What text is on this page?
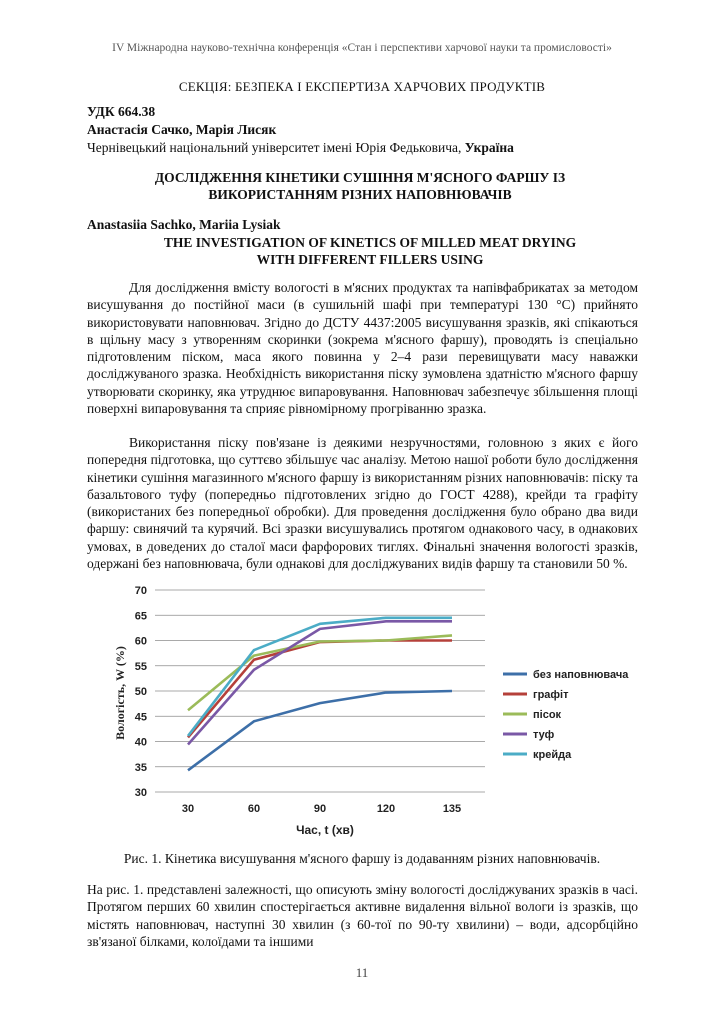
IV Міжнародна науково-технічна конференція «Стан і перспективи харчової науки та промисловості»
СЕКЦІЯ: БЕЗПЕКА І ЕКСПЕРТИЗА ХАРЧОВИХ ПРОДУКТІВ
УДК 664.38
Анастасія Сачко, Марія Лисяк
Чернівецький національний університет імені Юрія Федьковича, Україна
ДОСЛІДЖЕННЯ КІНЕТИКИ СУШІННЯ М'ЯСНОГО ФАРШУ ІЗ ВИКОРИСТАННЯМ РІЗНИХ НАПОВНЮВАЧІВ
Anastasiia Sachko, Mariia Lysiak
THE INVESTIGATION OF KINETICS OF MILLED MEAT DRYING
WITH DIFFERENT FILLERS USING
Для дослідження вмісту вологості в м'ясних продуктах та напівфабрикатах за методом висушування до постійної маси (в сушильній шафі при температурі 130 °С) прийнято використовувати наповнювач. Згідно до ДСТУ 4437:2005 висушування зразків, які спікаються в щільну масу з утворенням скоринки (зокрема м'ясного фаршу), проводять із спеціально підготовленим піском, маса якого повинна у 2–4 рази перевищувати масу наважки досліджуваного зразка. Необхідність використання піску зумовлена здатністю м'ясного фаршу утворювати скоринку, яка утруднює випаровування. Наповнювач забезпечує збільшення площі поверхні випаровування та сприяє рівномірному прогріванню зразка.
Використання піску пов'язане із деякими незручностями, головною з яких є його попередня підготовка, що суттєво збільшує час аналізу. Метою нашої роботи було дослідження кінетики сушіння магазинного м'ясного фаршу із використанням різних наповнювачів: піску та базальтового туфу (попередньо підготовлених згідно до ГОСТ 4288), крейди та графіту (використаних без попередньої обробки). Для проведення дослідження було обрано два види фаршу: свинячий та курячий. Всі зразки висушувались протягом однакового часу, в однакових умовах, в доведених до сталої маси фарфорових тиглях. Фінальні значення вологості зразків, одержані без наповнювача, були однакові для досліджуваних видів фаршу та становили 50 %.
30
35
40
45
50
55
60
65
70
30	60	90	120	135
без наповнювача
графіт
пісок
туф
крейда
Вологість, W (%)
Час, t (хв)
Рис. 1. Кінетика висушування м'ясного фаршу із додаванням різних наповнювачів.
На рис. 1. представлені залежності, що описують зміну вологості досліджуваних зразків в часі. Протягом перших 60 хвилин спостерігається активне видалення вільної вологи із зразків, що містять наповнювач, наступні 30 хвилин (з 60-тої по 90-ту хвилини) – води, адсорбційно зв'язаної білками, колоїдами та іншими
11
